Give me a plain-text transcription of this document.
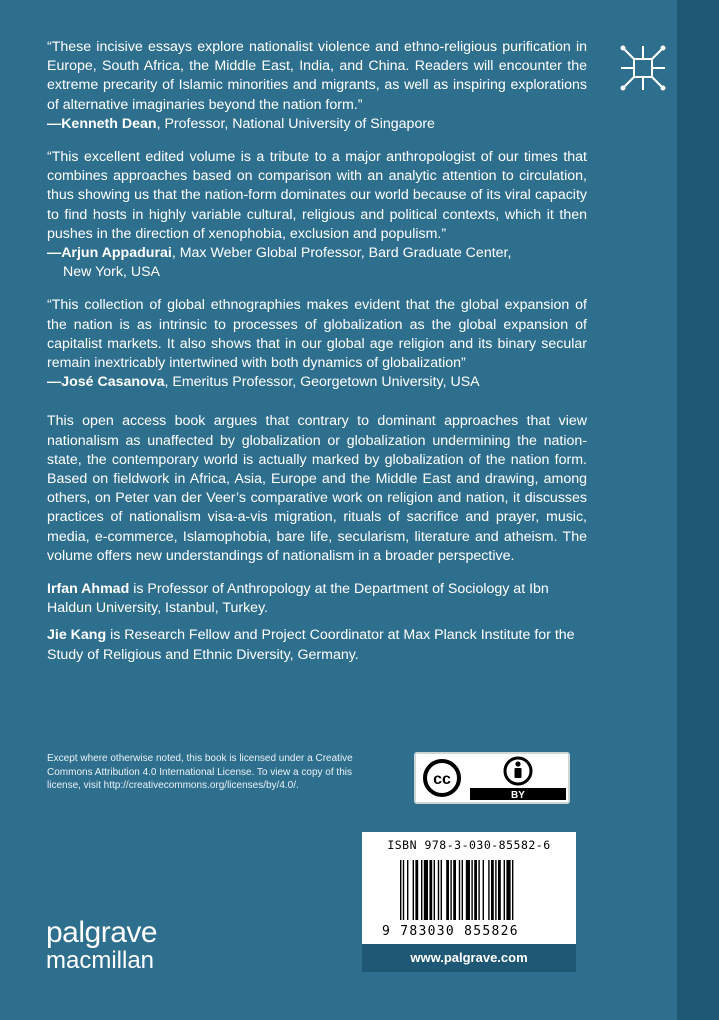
“These incisive essays explore nationalist violence and ethno-religious purification in Europe, South Africa, the Middle East, India, and China. Readers will encounter the extreme precarity of Islamic minorities and migrants, as well as inspiring explorations of alternative imaginaries beyond the nation form.”
—Kenneth Dean, Professor, National University of Singapore
“This excellent edited volume is a tribute to a major anthropologist of our times that combines approaches based on comparison with an analytic attention to circulation, thus showing us that the nation-form dominates our world because of its viral capacity to find hosts in highly variable cultural, religious and political contexts, which it then pushes in the direction of xenophobia, exclusion and populism.”
—Arjun Appadurai, Max Weber Global Professor, Bard Graduate Center,
New York, USA
“This collection of global ethnographies makes evident that the global expansion of the nation is as intrinsic to processes of globalization as the global expansion of capitalist markets. It also shows that in our global age religion and its binary secular remain inextricably intertwined with both dynamics of globalization”
—José Casanova, Emeritus Professor, Georgetown University, USA
This open access book argues that contrary to dominant approaches that view nationalism as unaffected by globalization or globalization undermining the nation-state, the contemporary world is actually marked by globalization of the nation form. Based on fieldwork in Africa, Asia, Europe and the Middle East and drawing, among others, on Peter van der Veer’s comparative work on religion and nation, it discusses practices of nationalism visa-a-vis migration, rituals of sacrifice and prayer, music, media, e-commerce, Islamophobia, bare life, secularism, literature and atheism. The volume offers new understandings of nationalism in a broader perspective.
Irfan Ahmad is Professor of Anthropology at the Department of Sociology at Ibn Haldun University, Istanbul, Turkey.
Jie Kang is Research Fellow and Project Coordinator at Max Planck Institute for the Study of Religious and Ethnic Diversity, Germany.
Except where otherwise noted, this book is licensed under a Creative Commons Attribution 4.0 International License. To view a copy of this license, visit http://creativecommons.org/licenses/by/4.0/.	cc
BY
ISBN 978-3-030-85582-6
9 783030 855826
www.palgrave.com
palgrave
macmillan
